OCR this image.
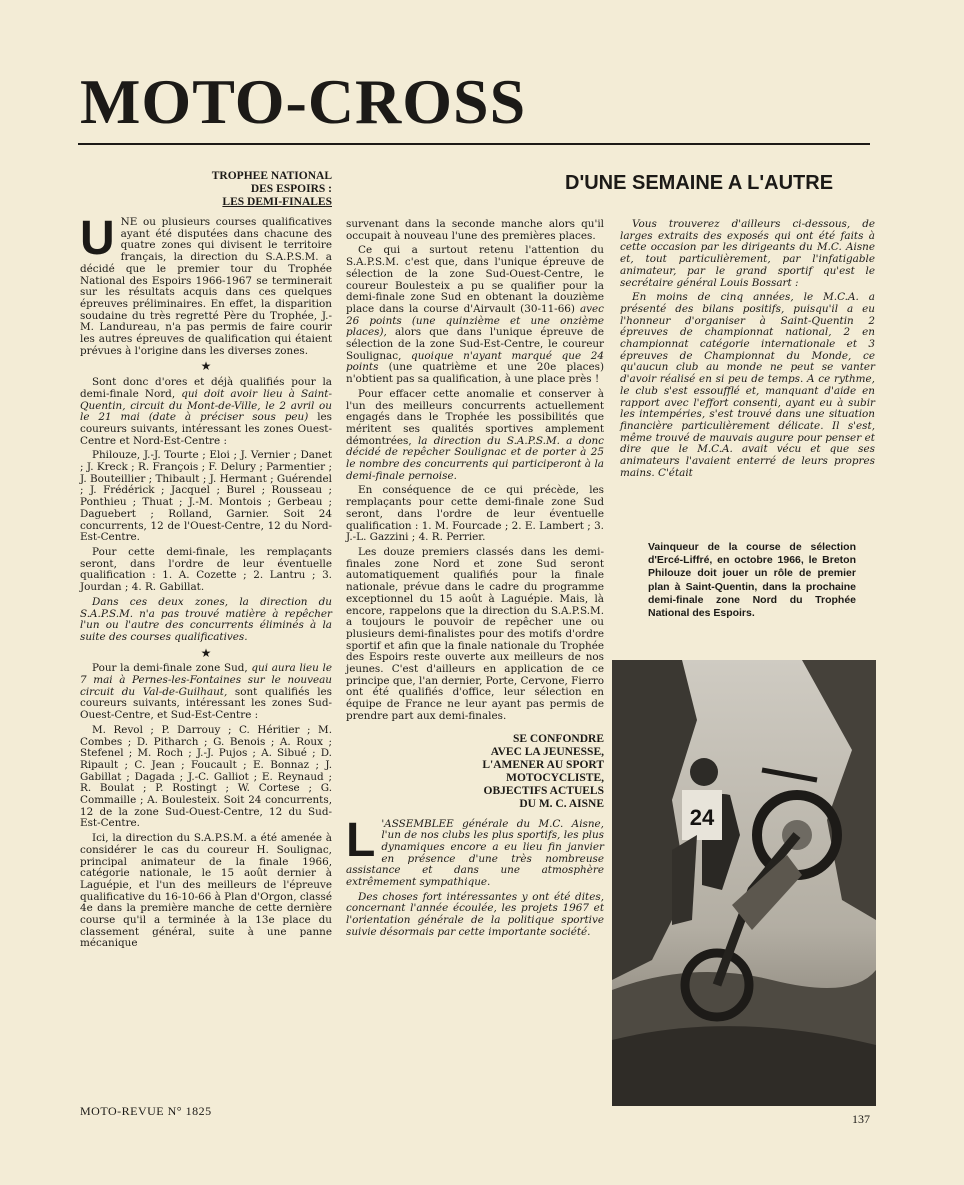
MOTO-CROSS
D'UNE SEMAINE A L'AUTRE
TROPHEE NATIONAL
DES ESPOIRS :
LES DEMI-FINALES

UNE ou plusieurs courses qualificatives ayant été disputées dans chacune des quatre zones qui divisent le territoire français, la direction du S.A.P.S.M. a décidé que le premier tour du Trophée National des Espoirs 1966-1967 se terminerait sur les résultats acquis dans ces quelques épreuves préliminaires. En effet, la disparition soudaine du très regretté Père du Trophée, J.-M. Landureau, n'a pas permis de faire courir les autres épreuves de qualification qui étaient prévues à l'origine dans les diverses zones.

★

Sont donc d'ores et déjà qualifiés pour la demi-finale Nord, qui doit avoir lieu à Saint-Quentin, circuit du Mont-de-Ville, le 2 avril ou le 21 mai (date à préciser sous peu) les coureurs suivants, intéressant les zones Ouest-Centre et Nord-Est-Centre :

Philouze, J.-J. Tourte ; Eloi ; J. Vernier ; Danet ; J. Kreck ; R. François ; F. Delury ; Parmentier ; J. Bouteillier ; Thibault ; J. Hermant ; Guérendel ; J. Frédérick ; Jacquel ; Burel ; Rousseau ; Ponthieu ; Thuat ; J.-M. Montois ; Gerbeau ; Daguebert ; Rolland, Garnier. Soit 24 concurrents, 12 de l'Ouest-Centre, 12 du Nord-Est-Centre.

Pour cette demi-finale, les remplaçants seront, dans l'ordre de leur éventuelle qualification : 1. A. Cozette ; 2. Lantru ; 3. Jourdan ; 4. R. Gabillat.

Dans ces deux zones, la direction du S.A.P.S.M. n'a pas trouvé matière à repêcher l'un ou l'autre des concurrents éliminés à la suite des courses qualificatives.

★

Pour la demi-finale zone Sud, qui aura lieu le 7 mai à Pernes-les-Fontaines sur le nouveau circuit du Val-de-Guilhaut, sont qualifiés les coureurs suivants, intéressant les zones Sud-Ouest-Centre, et Sud-Est-Centre :

M. Revol ; P. Darrouy ; C. Héritier ; M. Combes ; D. Pitharch ; G. Benois ; A. Roux ; Stefenel ; M. Roch ; J.-J. Pujos ; A. Sibué ; D. Ripault ; C. Jean ; Foucault ; E. Bonnaz ; J. Gabillat ; Dagada ; J.-C. Galliot ; E. Reynaud ; R. Boulat ; P. Rostingt ; W. Cortese ; G. Commaille ; A. Boulesteix. Soit 24 concurrents, 12 de la zone Sud-Ouest-Centre, 12 du Sud-Est-Centre.

Ici, la direction du S.A.P.S.M. a été amenée à considérer le cas du coureur H. Soulignac, principal animateur de la finale 1966, catégorie nationale, le 15 août dernier à Laguépie, et l'un des meilleurs de l'épreuve qualificative du 16-10-66 à Plan d'Orgon, classé 4e dans la première manche de cette dernière course qu'il a terminée à la 13e place du classement général, suite à une panne mécanique

survenant dans la seconde manche alors qu'il occupait à nouveau l'une des premières places.

Ce qui a surtout retenu l'attention du S.A.P.S.M. c'est que, dans l'unique épreuve de sélection de la zone Sud-Ouest-Centre, le coureur Boulesteix a pu se qualifier pour la demi-finale zone Sud en obtenant la douzième place dans la course d'Airvault (30-11-66) avec 26 points (une quinzième et une onzième places), alors que dans l'unique épreuve de sélection de la zone Sud-Est-Centre, le coureur Soulignac, quoique n'ayant marqué que 24 points (une quatrième et une 20e places) n'obtient pas sa qualification, à une place près !

Pour effacer cette anomalie et conserver à l'un des meilleurs concurrents actuellement engagés dans le Trophée les possibilités que méritent ses qualités sportives amplement démontrées, la direction du S.A.P.S.M. a donc décidé de repêcher Soulignac et de porter à 25 le nombre des concurrents qui participeront à la demi-finale pernoise.

En conséquence de ce qui précède, les remplaçants pour cette demi-finale zone Sud seront, dans l'ordre de leur éventuelle qualification : 1. M. Fourcade ; 2. E. Lambert ; 3. J.-L. Gazzini ; 4. R. Perrier.

Les douze premiers classés dans les demi-finales zone Nord et zone Sud seront automatiquement qualifiés pour la finale nationale, prévue dans le cadre du programme exceptionnel du 15 août à Laguépie. Mais, là encore, rappelons que la direction du S.A.P.S.M. a toujours le pouvoir de repêcher une ou plusieurs demi-finalistes pour des motifs d'ordre sportif et afin que la finale nationale du Trophée des Espoirs reste ouverte aux meilleurs de nos jeunes. C'est d'ailleurs en application de ce principe que, l'an dernier, Porte, Cervone, Fierro ont été qualifiés d'office, leur sélection en équipe de France ne leur ayant pas permis de prendre part aux demi-finales.

SE CONFONDRE
AVEC LA JEUNESSE,
L'AMENER AU SPORT
MOTOCYCLISTE,
OBJECTIFS ACTUELS
DU M. C. AISNE

L 'ASSEMBLEE générale du M.C. Aisne, l'un de nos clubs les plus sportifs, les plus dynamiques encore a eu lieu fin janvier en présence d'une très nombreuse assistance et dans une atmosphère extrêmement sympathique.

Des choses fort intéressantes y ont été dites, concernant l'année écoulée, les projets 1967 et l'orientation générale de la politique sportive suivie désormais par cette importante société.

Vous trouverez d'ailleurs ci-dessous, de larges extraits des exposés qui ont été faits à cette occasion par les dirigeants du M.C. Aisne et, tout particulièrement, par l'infatigable animateur, par le grand sportif qu'est le secrétaire général Louis Bossart :

En moins de cinq années, le M.C.A. a présenté des bilans positifs, puisqu'il a eu l'honneur d'organiser à Saint-Quentin 2 épreuves de championnat national, 2 en championnat catégorie internationale et 3 épreuves de Championnat du Monde, ce qu'aucun club au monde ne peut se vanter d'avoir réalisé en si peu de temps. A ce rythme, le club s'est essoufflé et, manquant d'aide en rapport avec l'effort consenti, ayant eu à subir les intempéries, s'est trouvé dans une situation financière particulièrement délicate. Il s'est, même trouvé de mauvais augure pour penser et dire que le M.C.A. avait vécu et que ses animateurs l'avaient enterré de leurs propres mains. C'était

Vainqueur de la course de sélection d'Ercé-Liffré, en octobre 1966, le Breton Philouze doit jouer un rôle de premier plan à Saint-Quentin, dans la prochaine demi-finale zone Nord du Trophée National des Espoirs.
24
MOTO-REVUE N° 1825
137
